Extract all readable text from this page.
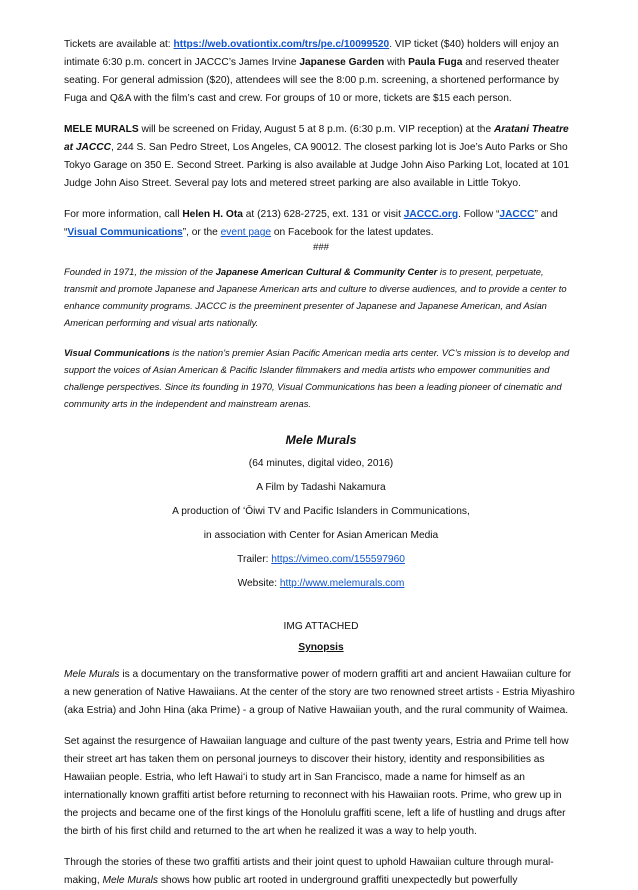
Tickets are available at: https://web.ovationtix.com/trs/pe.c/10099520. VIP ticket ($40) holders will enjoy an intimate 6:30 p.m. concert in JACCC’s James Irvine Japanese Garden with Paula Fuga and reserved theater seating. For general admission ($20), attendees will see the 8:00 p.m. screening, a shortened performance by Fuga and Q&A with the film’s cast and crew. For groups of 10 or more, tickets are $15 each person.

MELE MURALS will be screened on Friday, August 5 at 8 p.m. (6:30 p.m. VIP reception) at the Aratani Theatre at JACCC, 244 S. San Pedro Street, Los Angeles, CA 90012. The closest parking lot is Joe’s Auto Parks or Sho Tokyo Garage on 350 E. Second Street. Parking is also available at Judge John Aiso Parking Lot, located at 101 Judge John Aiso Street. Several pay lots and metered street parking are also available in Little Tokyo.

For more information, call Helen H. Ota at (213) 628-2725, ext. 131 or visit JACCC.org. Follow “JACCC” and “Visual Communications”, or the event page on Facebook for the latest updates.

###

Founded in 1971, the mission of the Japanese American Cultural & Community Center is to present, perpetuate, transmit and promote Japanese and Japanese American arts and culture to diverse audiences, and to provide a center to enhance community programs. JACCC is the preeminent presenter of Japanese and Japanese American, and Asian American performing and visual arts nationally.

Visual Communications is the nation’s premier Asian Pacific American media arts center. VC’s mission is to develop and support the voices of Asian American & Pacific Islander filmmakers and media artists who empower communities and challenge perspectives. Since its founding in 1970, Visual Communications has been a leading pioneer of cinematic and community arts in the independent and mainstream arenas.

Mele Murals

(64 minutes, digital video, 2016)

A Film by Tadashi Nakamura

A production of ʻŌiwi TV and Pacific Islanders in Communications,

in association with Center for Asian American Media

Trailer: https://vimeo.com/155597960

Website: http://www.melemurals.com

IMG ATTACHED

Synopsis

Mele Murals is a documentary on the transformative power of modern graffiti art and ancient Hawaiian culture for a new generation of Native Hawaiians. At the center of the story are two renowned street artists - Estria Miyashiro (aka Estria) and John Hina (aka Prime) - a group of Native Hawaiian youth, and the rural community of Waimea.

Set against the resurgence of Hawaiian language and culture of the past twenty years, Estria and Prime tell how their street art has taken them on personal journeys to discover their history, identity and responsibilities as Hawaiian people. Estria, who left Hawaiʻi to study art in San Francisco, made a name for himself as an internationally known graffiti artist before returning to reconnect with his Hawaiian roots. Prime, who grew up in the projects and became one of the first kings of the Honolulu graffiti scene, left a life of hustling and drugs after the birth of his first child and returned to the art when he realized it was a way to help youth.

Through the stories of these two graffiti artists and their joint quest to uphold Hawaiian culture through mural-making, Mele Murals shows how public art rooted in underground graffiti unexpectedly but powerfully
